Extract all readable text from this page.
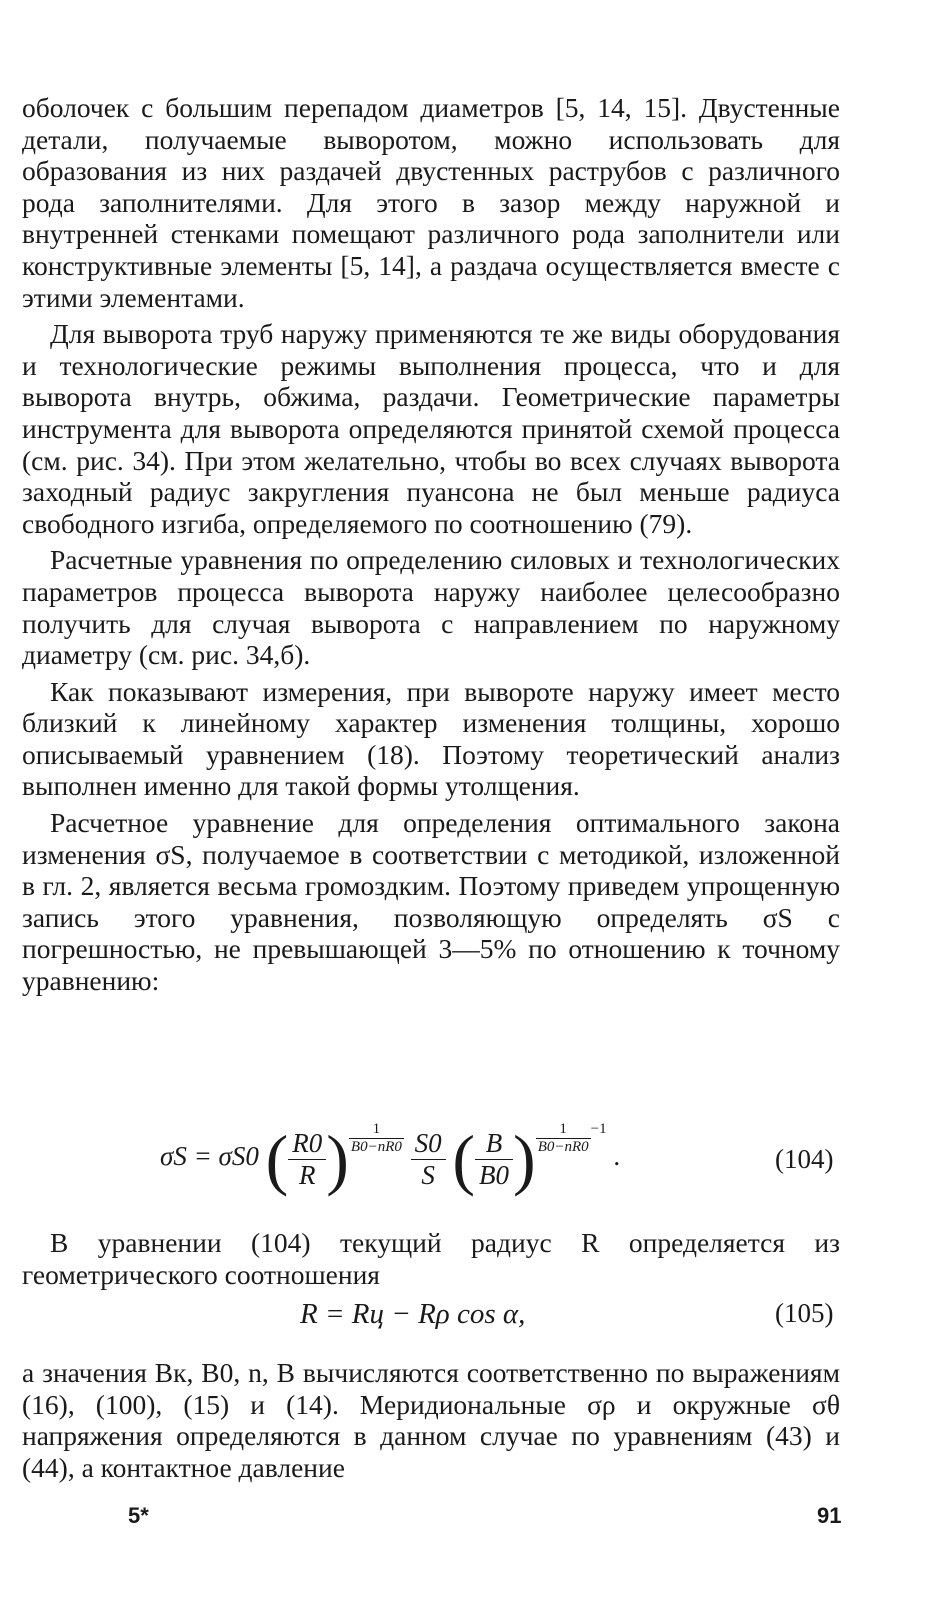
оболочек с большим перепадом диаметров [5, 14, 15]. Двустенные детали, получаемые выворотом, можно использовать для образования из них раздачей двустенных раструбов с различного рода заполнителями. Для этого в зазор между наружной и внутренней стенками помещают различного рода заполнители или конструктивные элементы [5, 14], а раздача осуществляется вместе с этими элементами.

Для выворота труб наружу применяются те же виды оборудования и технологические режимы выполнения процесса, что и для выворота внутрь, обжима, раздачи. Геометрические параметры инструмента для выворота определяются принятой схемой процесса (см. рис. 34). При этом желательно, чтобы во всех случаях выворота заходный радиус закругления пуансона не был меньше радиуса свободного изгиба, определяемого по соотношению (79).

Расчетные уравнения по определению силовых и технологических параметров процесса выворота наружу наиболее целесообразно получить для случая выворота с направлением по наружному диаметру (см. рис. 34,б).

Как показывают измерения, при вывороте наружу имеет место близкий к линейному характер изменения толщины, хорошо описываемый уравнением (18). Поэтому теоретический анализ выполнен именно для такой формы утолщения.

Расчетное уравнение для определения оптимального закона изменения σS, получаемое в соответствии с методикой, изложенной в гл. 2, является весьма громоздким. Поэтому приведем упрощенную запись этого уравнения, позволяющую определять σS с погрешностью, не превышающей 3—5% по отношению к точному уравнению:

σS = σS0 ( $\frac{R0}{R}$ ) $\frac{1}{B0-nR0}$
$\frac{S0}{S}$ ( $\frac{B}{B0}$ ) $\frac{1}{B0-nR0} -1$ .	(104)

В уравнении (104) текущий радиус R определяется из геометрического соотношения

R = Rц − Rρ cos α,	(105)

а значения Bк, B0, n, B вычисляются соответственно по выражениям (16), (100), (15) и (14). Меридиональные σρ и окружные σθ напряжения определяются в данном случае по уравнениям (43) и (44), а контактное давление

5*	91
